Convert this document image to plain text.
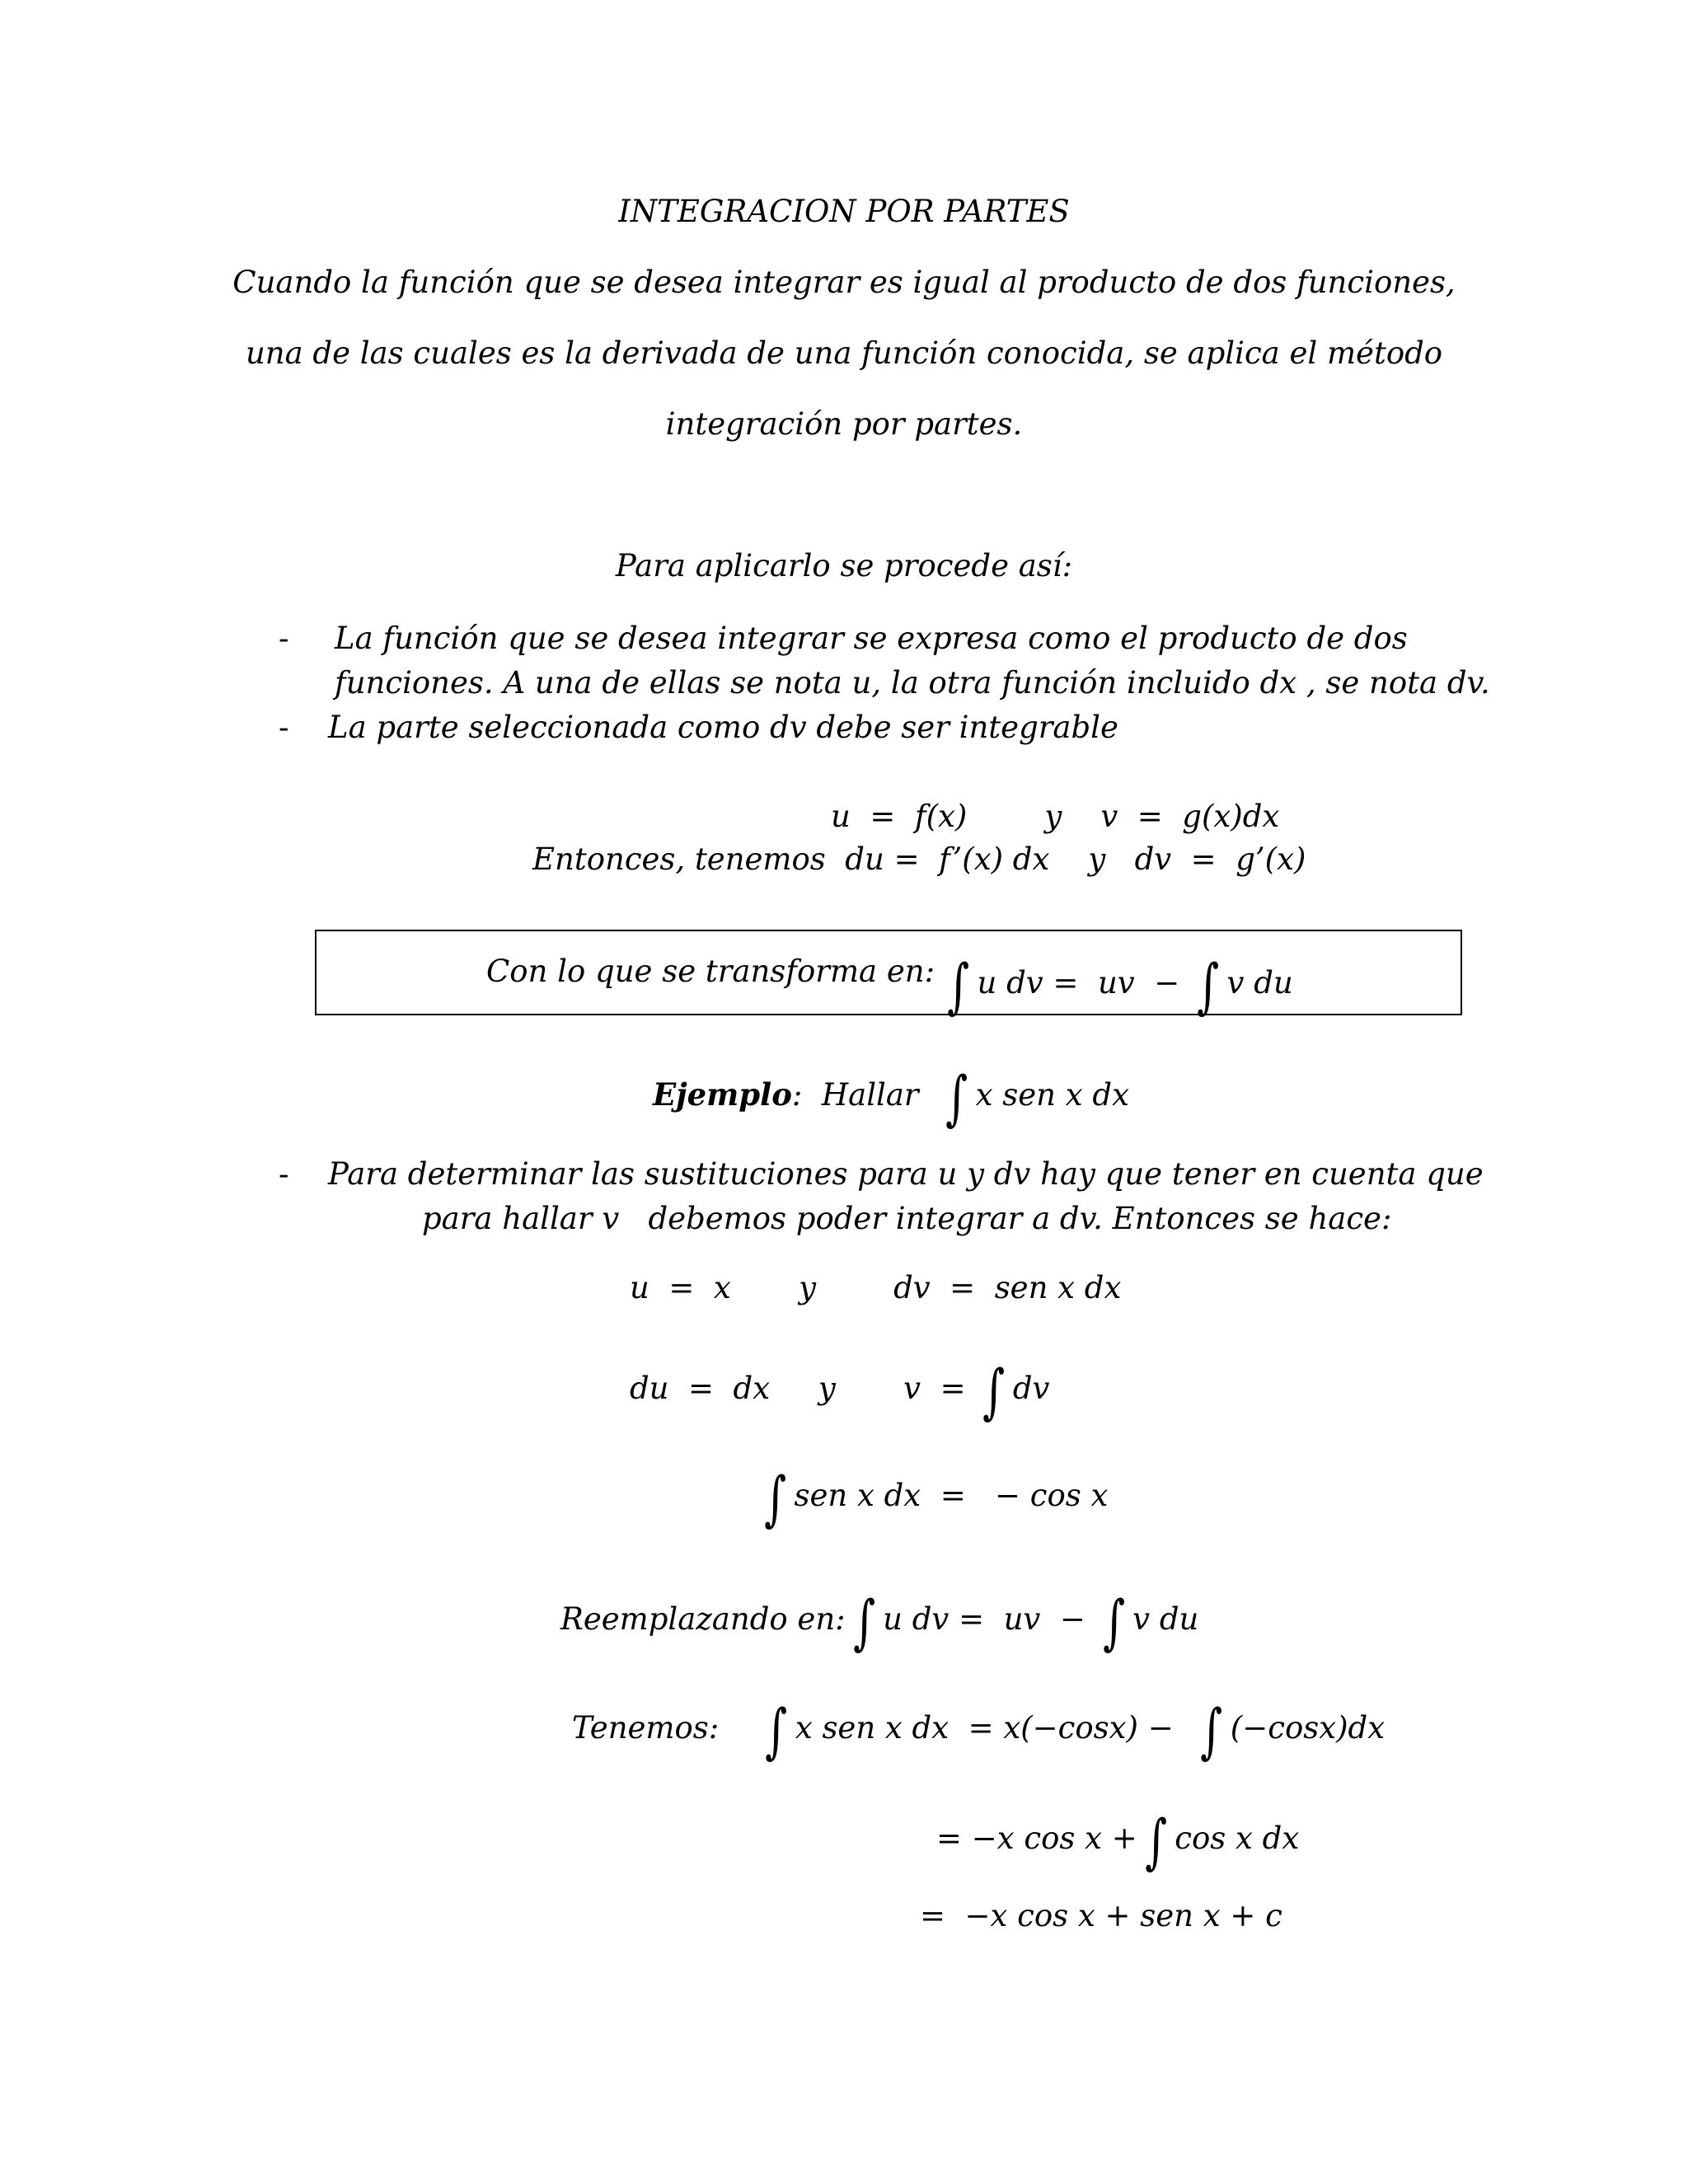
INTEGRACION POR PARTES
Cuando la función que se desea integrar es igual al producto de dos funciones,
una de las cuales es la derivada de una función conocida, se aplica el método
integración por partes.
Para aplicarlo se procede así:
- La función que se desea integrar se expresa como el producto de dos
funciones. A una de ellas se nota u, la otra función incluido dx , se nota dv.
- La parte seleccionada como dv debe ser integrable
u  =  f(x)        y    v  =  g(x)dx
Entonces, tenemos  du =  f’(x) dx    y   dv  =  g’(x)
Con lo que se transforma en: ∫ u dv =  uv  − ∫ v du
Ejemplo:  Hallar ∫ x sen x dx
- Para determinar las sustituciones para u y dv hay que tener en cuenta que
para hallar v   debemos poder integrar a dv. Entonces se hace:
u  =  x       y        dv  =  sen x dx
du  =  dx     y       v  = ∫ dv
∫ sen x dx  =   − cos x
Reemplazando en: ∫ u dv =  uv  − ∫ v du
Tenemos: ∫ x sen x dx  = x(−cosx) − ∫ (−cosx)dx
= −x cos x + ∫ cos x dx
=  −x cos x + sen x + c
